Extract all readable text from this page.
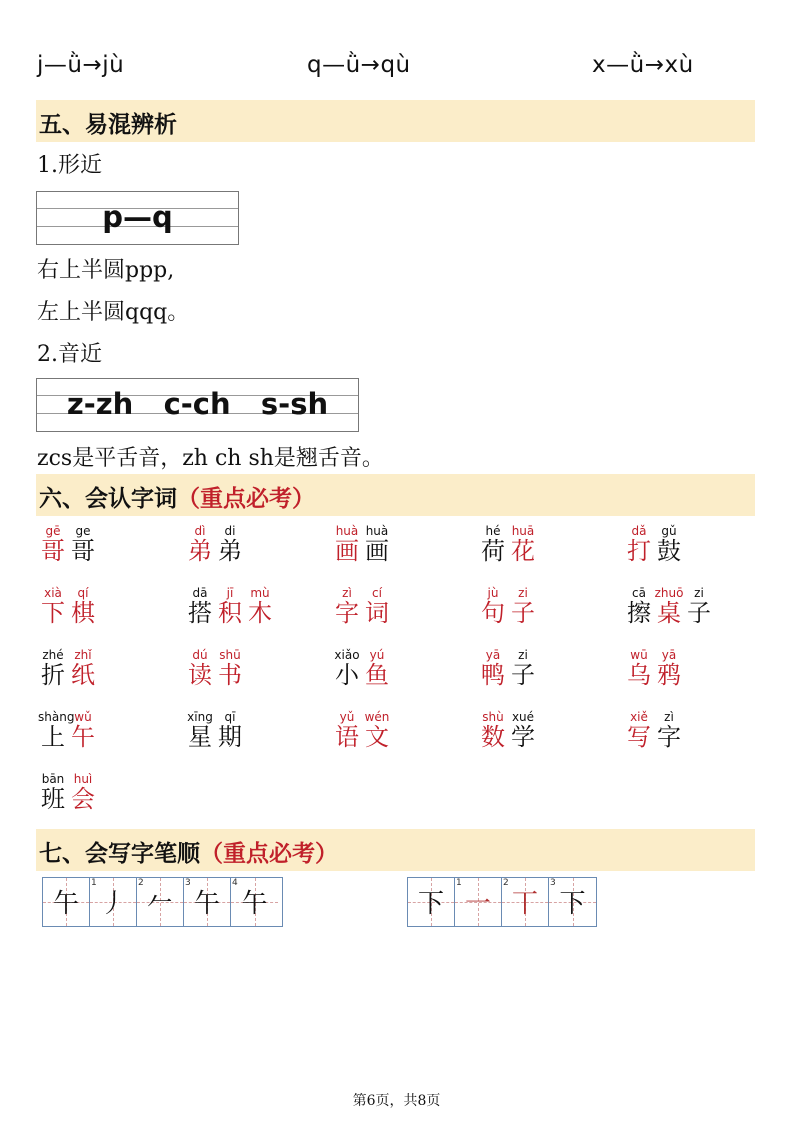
j—ǜ→jù	q—ǜ→qù	x—ǜ→xù
五、易混辨析
1.形近
p—q
右上半圆ppp,
左上半圆qqq。
2.音近
z-zh   c-ch   s-sh
zcs是平舌音，zh ch sh是翘舌音。
六、会认字词（重点必考）
gē	ge
哥 哥
dì	di
弟 弟
huà huà
画 画
hé huā
荷 花
dǎ	gǔ
打 鼓
xià	qí
下 棋
dā	jī	mù
搭 积 木
zì	cí
字 词
jù	zi
句 子
cā zhuō zi
擦 桌 子
zhé zhǐ
折 纸
dú shū
读 书
xiǎo yú
小 鱼
yā	zi
鸭 子
wū	yā
乌 鸦
shàng wǔ
上 午
xīng qī
星 期
yǔ wén
语 文
shù xué
数 学
xiě	zì
写 字
bān huì
班 会
七、会写字笔顺（重点必考）
午
1
丿
2
𠂉
3
午
4
午	下
1
一
2
丅
3
下
第6页，共8页
